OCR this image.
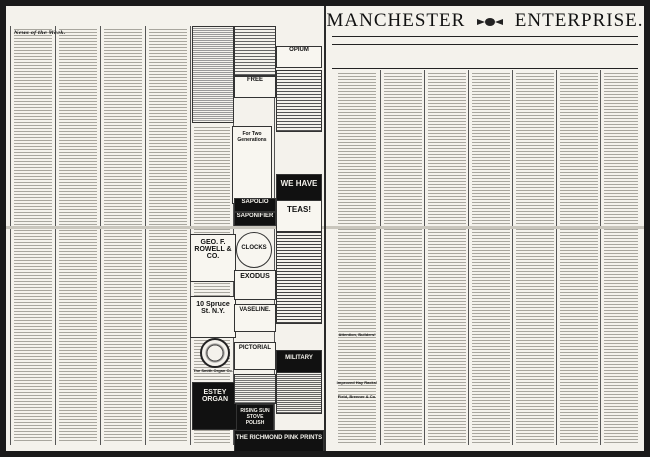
News of the Week.
For Two Generations
GEO. F. ROWELL & CO.
10 Spruce St. N.Y.
The Smith Organ Co.
ESTEY ORGAN
FREE
SAPOLIO
SAPONIFIER
CLOCKS
EXODUS
VASELINE.
PICTORIAL
RISING SUN STOVE POLISH
OPIUM
WE HAVE
TEAS!
MILITARY
THE RICHMOND PINK PRINTS
MANCHESTER	ENTERPRISE.
Attention, Builders!
Improved Hay Racks!
Field, Brenner & Co.
